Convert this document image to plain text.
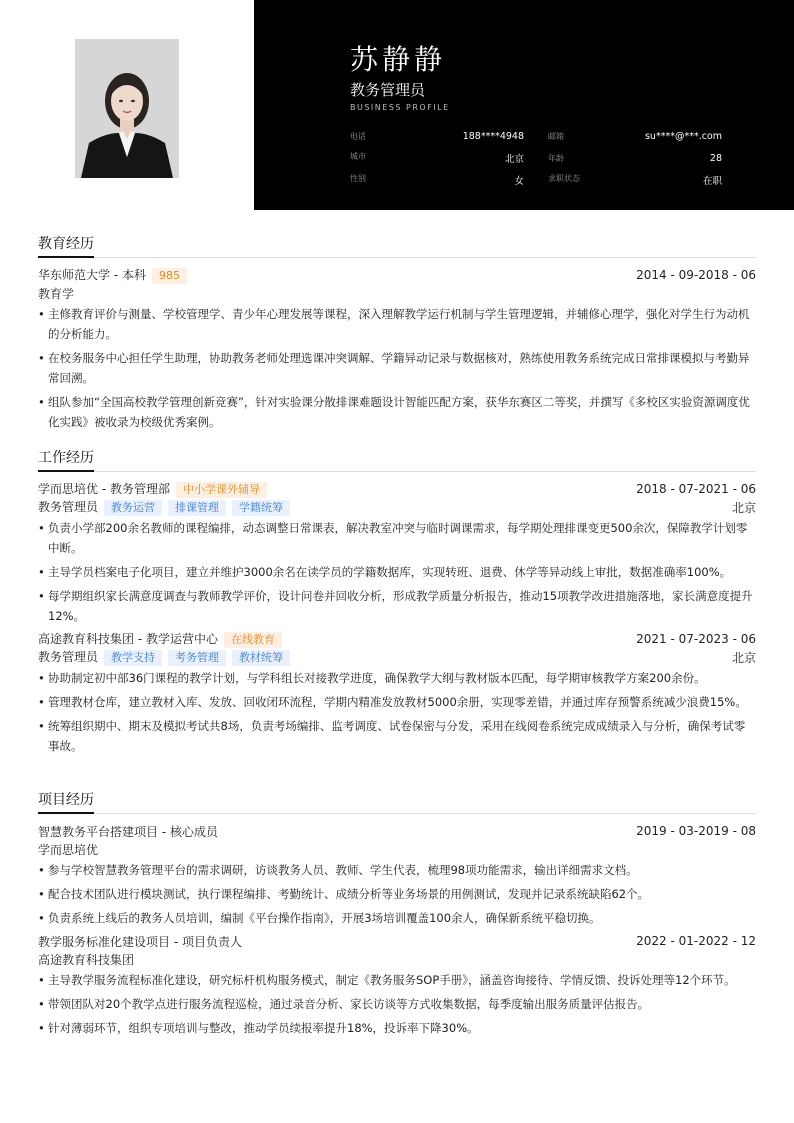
苏静静
教务管理员
BUSINESS PROFILE
电话	188****4948	邮箱	su****@***.com
城市	北京	年龄	28
性别	女	求职状态	在职
教育经历
华东师范大学 - 本科 985	2014 - 09-2018 - 06
教育学
• 主修教育评价与测量、学校管理学、青少年心理发展等课程，深入理解教学运行机制与学生管理逻辑，并辅修心理学，强化对学生行为动机的分析能力。
• 在校务服务中心担任学生助理，协助教务老师处理选课冲突调解、学籍异动记录与数据核对，熟练使用教务系统完成日常排课模拟与考勤异常回溯。
• 组队参加“全国高校教学管理创新竞赛”，针对实验课分散排课难题设计智能匹配方案，获华东赛区二等奖，并撰写《多校区实验资源调度优化实践》被收录为校级优秀案例。
工作经历
学而思培优 - 教务管理部 中小学课外辅导	2018 - 07-2021 - 06
教务管理员 教务运营 排课管理 学籍统筹	北京
• 负责小学部200余名教师的课程编排，动态调整日常课表，解决教室冲突与临时调课需求，每学期处理排课变更500余次，保障教学计划零中断。
• 主导学员档案电子化项目，建立并维护3000余名在读学员的学籍数据库，实现转班、退费、休学等异动线上审批，数据准确率100%。
• 每学期组织家长满意度调查与教师教学评价，设计问卷并回收分析，形成教学质量分析报告，推动15项教学改进措施落地，家长满意度提升12%。
高途教育科技集团 - 教学运营中心 在线教育	2021 - 07-2023 - 06
教务管理员 教学支持 考务管理 教材统筹	北京
• 协助制定初中部36门课程的教学计划，与学科组长对接教学进度，确保教学大纲与教材版本匹配，每学期审核教学方案200余份。
• 管理教材仓库，建立教材入库、发放、回收闭环流程，学期内精准发放教材5000余册，实现零差错，并通过库存预警系统减少浪费15%。
• 统筹组织期中、期末及模拟考试共8场，负责考场编排、监考调度、试卷保密与分发，采用在线阅卷系统完成成绩录入与分析，确保考试零事故。
项目经历
智慧教务平台搭建项目 - 核心成员	2019 - 03-2019 - 08
学而思培优
• 参与学校智慧教务管理平台的需求调研，访谈教务人员、教师、学生代表，梳理98项功能需求，输出详细需求文档。
• 配合技术团队进行模块测试，执行课程编排、考勤统计、成绩分析等业务场景的用例测试，发现并记录系统缺陷62个。
• 负责系统上线后的教务人员培训，编制《平台操作指南》，开展3场培训覆盖100余人，确保新系统平稳切换。
教学服务标准化建设项目 - 项目负责人	2022 - 01-2022 - 12
高途教育科技集团
• 主导教学服务流程标准化建设，研究标杆机构服务模式，制定《教务服务SOP手册》，涵盖咨询接待、学情反馈、投诉处理等12个环节。
• 带领团队对20个教学点进行服务流程巡检，通过录音分析、家长访谈等方式收集数据，每季度输出服务质量评估报告。
• 针对薄弱环节，组织专项培训与整改，推动学员续报率提升18%，投诉率下降30%。
